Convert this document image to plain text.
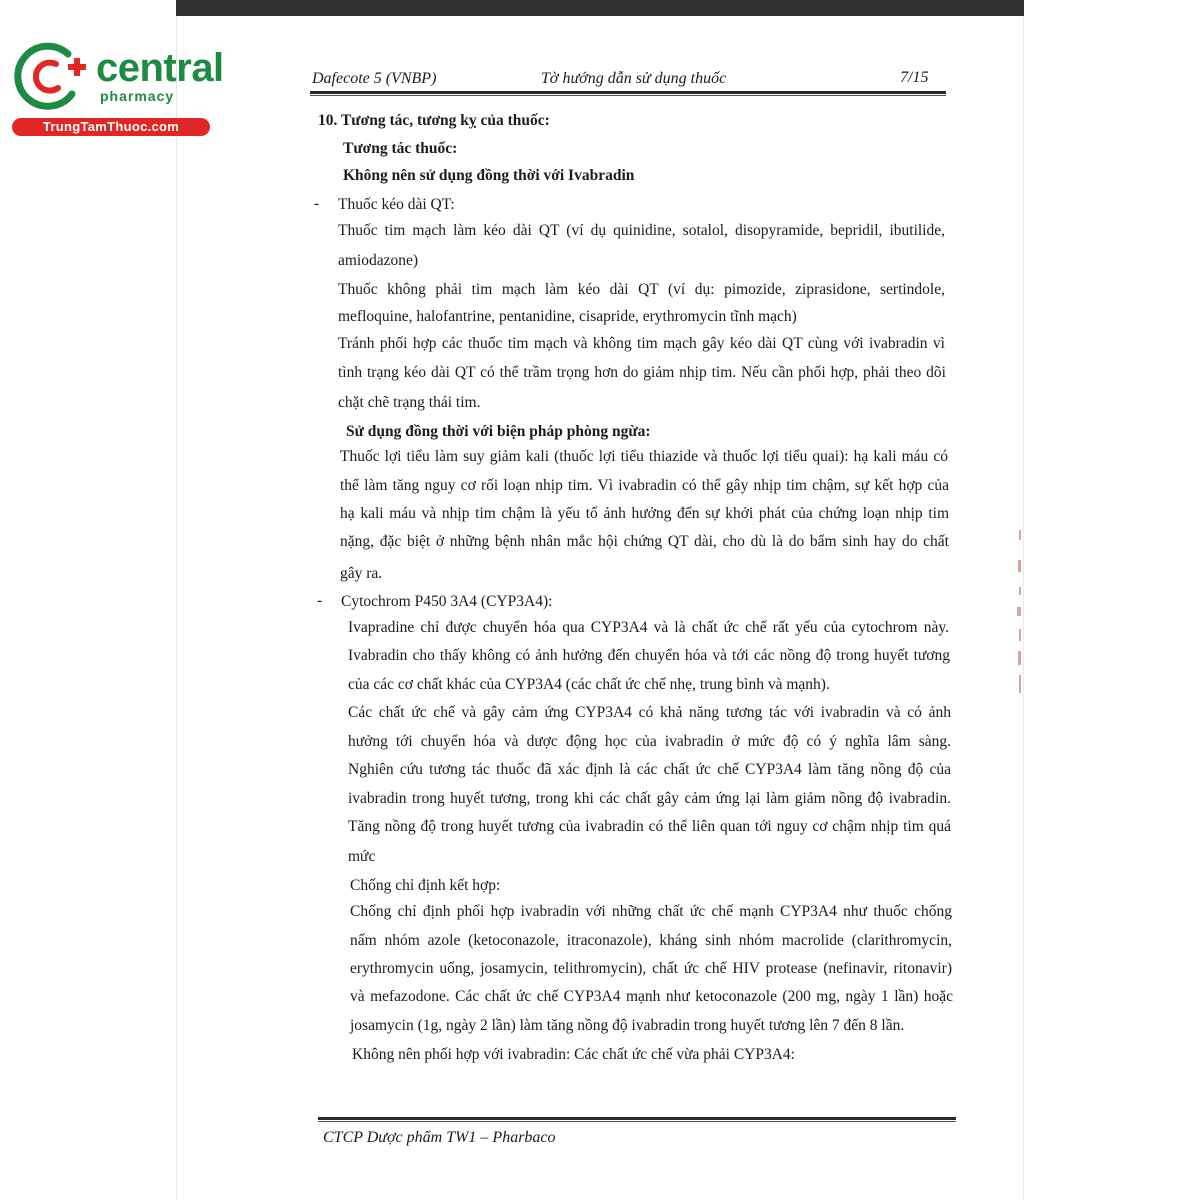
central
pharmacy
TrungTamThuoc.com
Dafecote 5 (VNBP)	Tờ hướng dẫn sử dụng thuốc	7/15
10. Tương tác, tương kỵ của thuốc:
Tương tác thuốc:
Không nên sử dụng đồng thời với Ivabradin
- Thuốc kéo dài QT:
Thuốc tim mạch làm kéo dài QT (ví dụ quinidine, sotalol, disopyramide, bepridil, ibutilide,
amiodazone)
Thuốc không phải tim mạch làm kéo dài QT (ví dụ: pimozide, ziprasidone, sertindole,
mefloquine, halofantrine, pentanidine, cisapride, erythromycin tĩnh mạch)
Tránh phối hợp các thuốc tim mạch và không tim mạch gây kéo dài QT cùng với ivabradin vì
tình trạng kéo dài QT có thể trầm trọng hơn do giảm nhịp tim. Nếu cần phối hợp, phải theo dõi
chặt chẽ trạng thái tim.
Sử dụng đồng thời với biện pháp phòng ngừa:
Thuốc lợi tiểu làm suy giảm kali (thuốc lợi tiểu thiazide và thuốc lợi tiểu quai): hạ kali máu có
thể làm tăng nguy cơ rối loạn nhịp tim. Vì ivabradin có thể gây nhịp tim chậm, sự kết hợp của
hạ kali máu và nhịp tim chậm là yếu tố ảnh hưởng đến sự khởi phát của chứng loạn nhịp tim
nặng, đặc biệt ở những bệnh nhân mắc hội chứng QT dài, cho dù là do bẩm sinh hay do chất
gây ra.
- Cytochrom P450 3A4 (CYP3A4):
Ivapradine chỉ được chuyển hóa qua CYP3A4 và là chất ức chế rất yếu của cytochrom này.
Ivabradin cho thấy không có ảnh hưởng đến chuyển hóa và tới các nồng độ trong huyết tương
của các cơ chất khác của CYP3A4 (các chất ức chế nhẹ, trung bình và mạnh).
Các chất ức chế và gây cảm ứng CYP3A4 có khả năng tương tác với ivabradin và có ảnh
hưởng tới chuyển hóa và dược động học của ivabradin ở mức độ có ý nghĩa lâm sàng.
Nghiên cứu tương tác thuốc đã xác định là các chất ức chế CYP3A4 làm tăng nồng độ của
ivabradin trong huyết tương, trong khi các chất gây cảm ứng lại làm giảm nồng độ ivabradin.
Tăng nồng độ trong huyết tương của ivabradin có thể liên quan tới nguy cơ chậm nhịp tim quá
mức
Chống chỉ định kết hợp:
Chống chỉ định phối hợp ivabradin với những chất ức chế mạnh CYP3A4 như thuốc chống
nấm nhóm azole (ketoconazole, itraconazole), kháng sinh nhóm macrolide (clarithromycin,
erythromycin uống, josamycin, telithromycin), chất ức chế HIV protease (nefinavir, ritonavir)
và mefazodone. Các chất ức chế CYP3A4 mạnh như ketoconazole (200 mg, ngày 1 lần) hoặc
josamycin (1g, ngày 2 lần) làm tăng nồng độ ivabradin trong huyết tương lên 7 đến 8 lần.
Không nên phối hợp với ivabradin: Các chất ức chế vừa phải CYP3A4:
CTCP Dược phẩm TW1 – Pharbaco
